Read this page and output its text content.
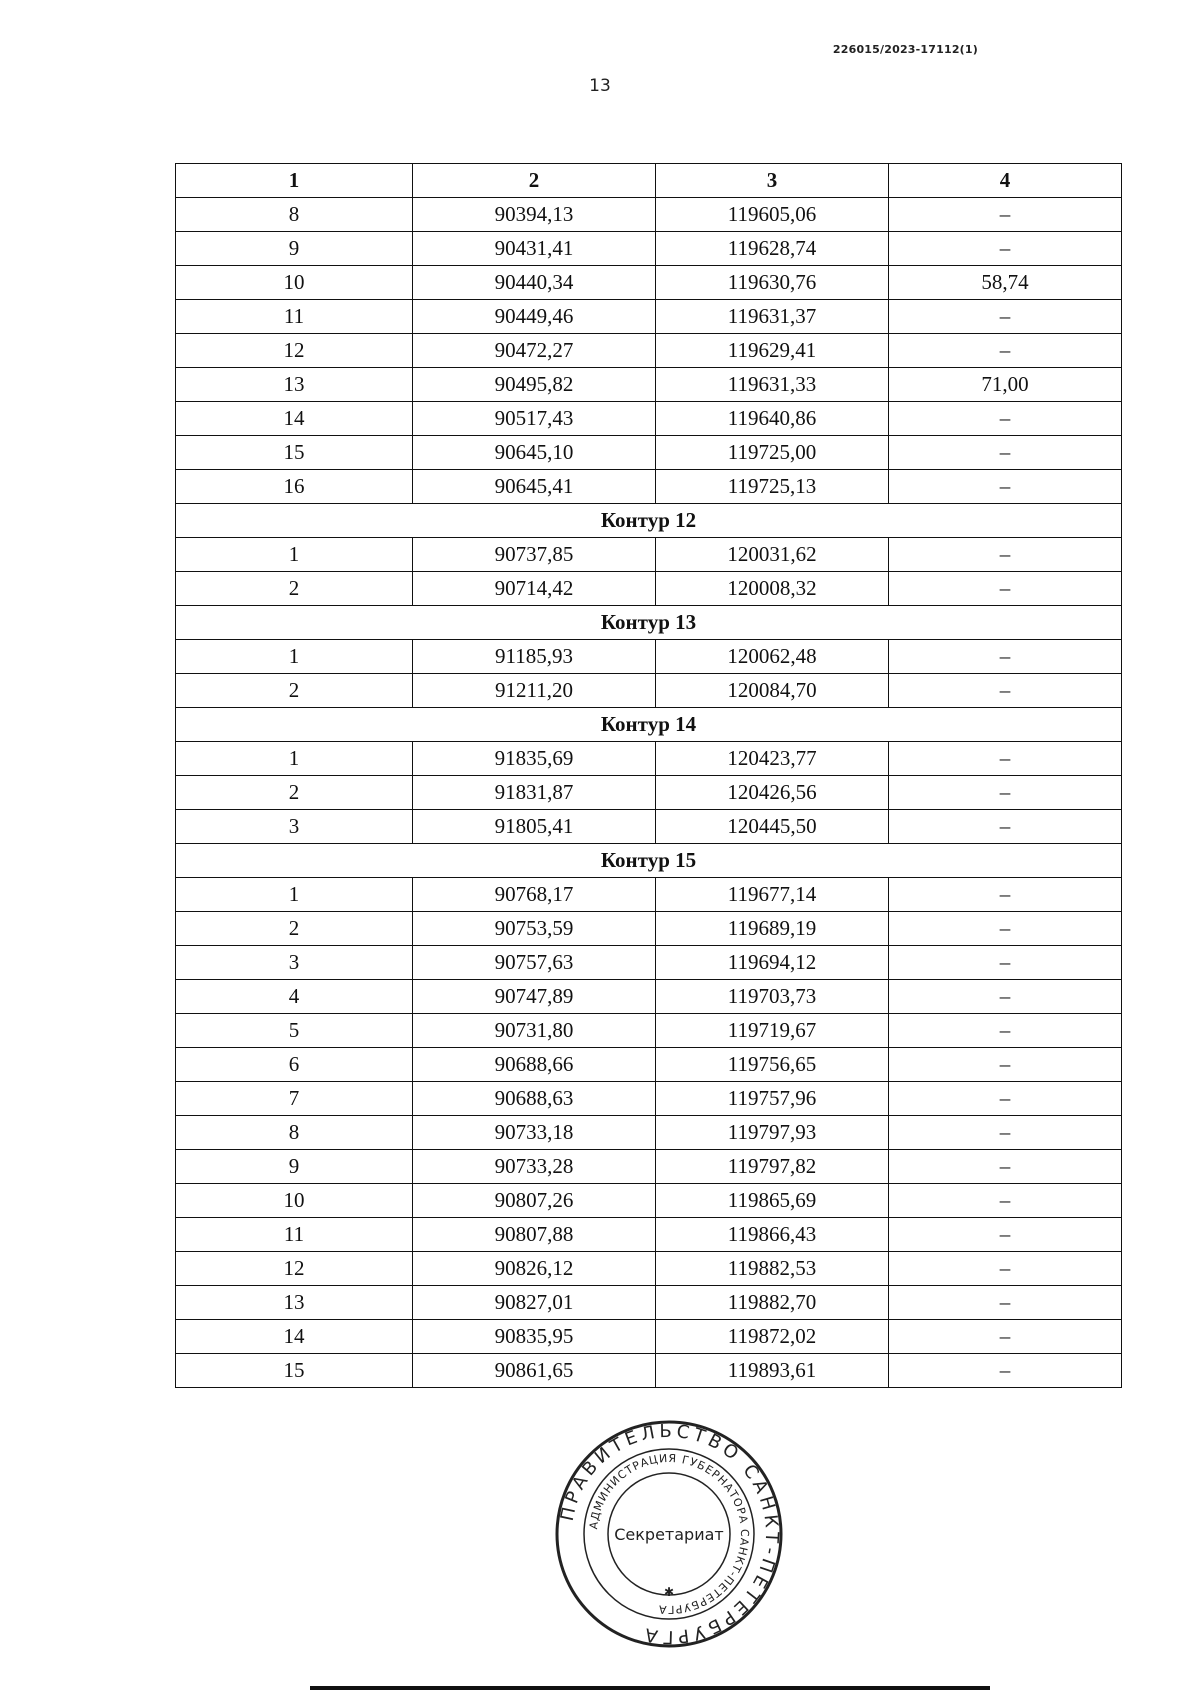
226015/2023-17112(1)
13
1	2	3	4
8	90394,13	119605,06	–
9	90431,41	119628,74	–
10	90440,34	119630,76	58,74
11	90449,46	119631,37	–
12	90472,27	119629,41	–
13	90495,82	119631,33	71,00
14	90517,43	119640,86	–
15	90645,10	119725,00	–
16	90645,41	119725,13	–
Контур 12			
1	90737,85	120031,62	–
2	90714,42	120008,32	–
Контур 13			
1	91185,93	120062,48	–
2	91211,20	120084,70	–
Контур 14			
1	91835,69	120423,77	–
2	91831,87	120426,56	–
3	91805,41	120445,50	–
Контур 15			
1	90768,17	119677,14	–
2	90753,59	119689,19	–
3	90757,63	119694,12	–
4	90747,89	119703,73	–
5	90731,80	119719,67	–
6	90688,66	119756,65	–
7	90688,63	119757,96	–
8	90733,18	119797,93	–
9	90733,28	119797,82	–
10	90807,26	119865,69	–
11	90807,88	119866,43	–
12	90826,12	119882,53	–
13	90827,01	119882,70	–
14	90835,95	119872,02	–
15	90861,65	119893,61	–
ПРАВИТЕЛЬСТВО САНКТ-ПЕТЕРБУРГА
АДМИНИСТРАЦИЯ ГУБЕРНАТОРА САНКТ-ПЕТЕРБУРГА
Секретариат
✱
